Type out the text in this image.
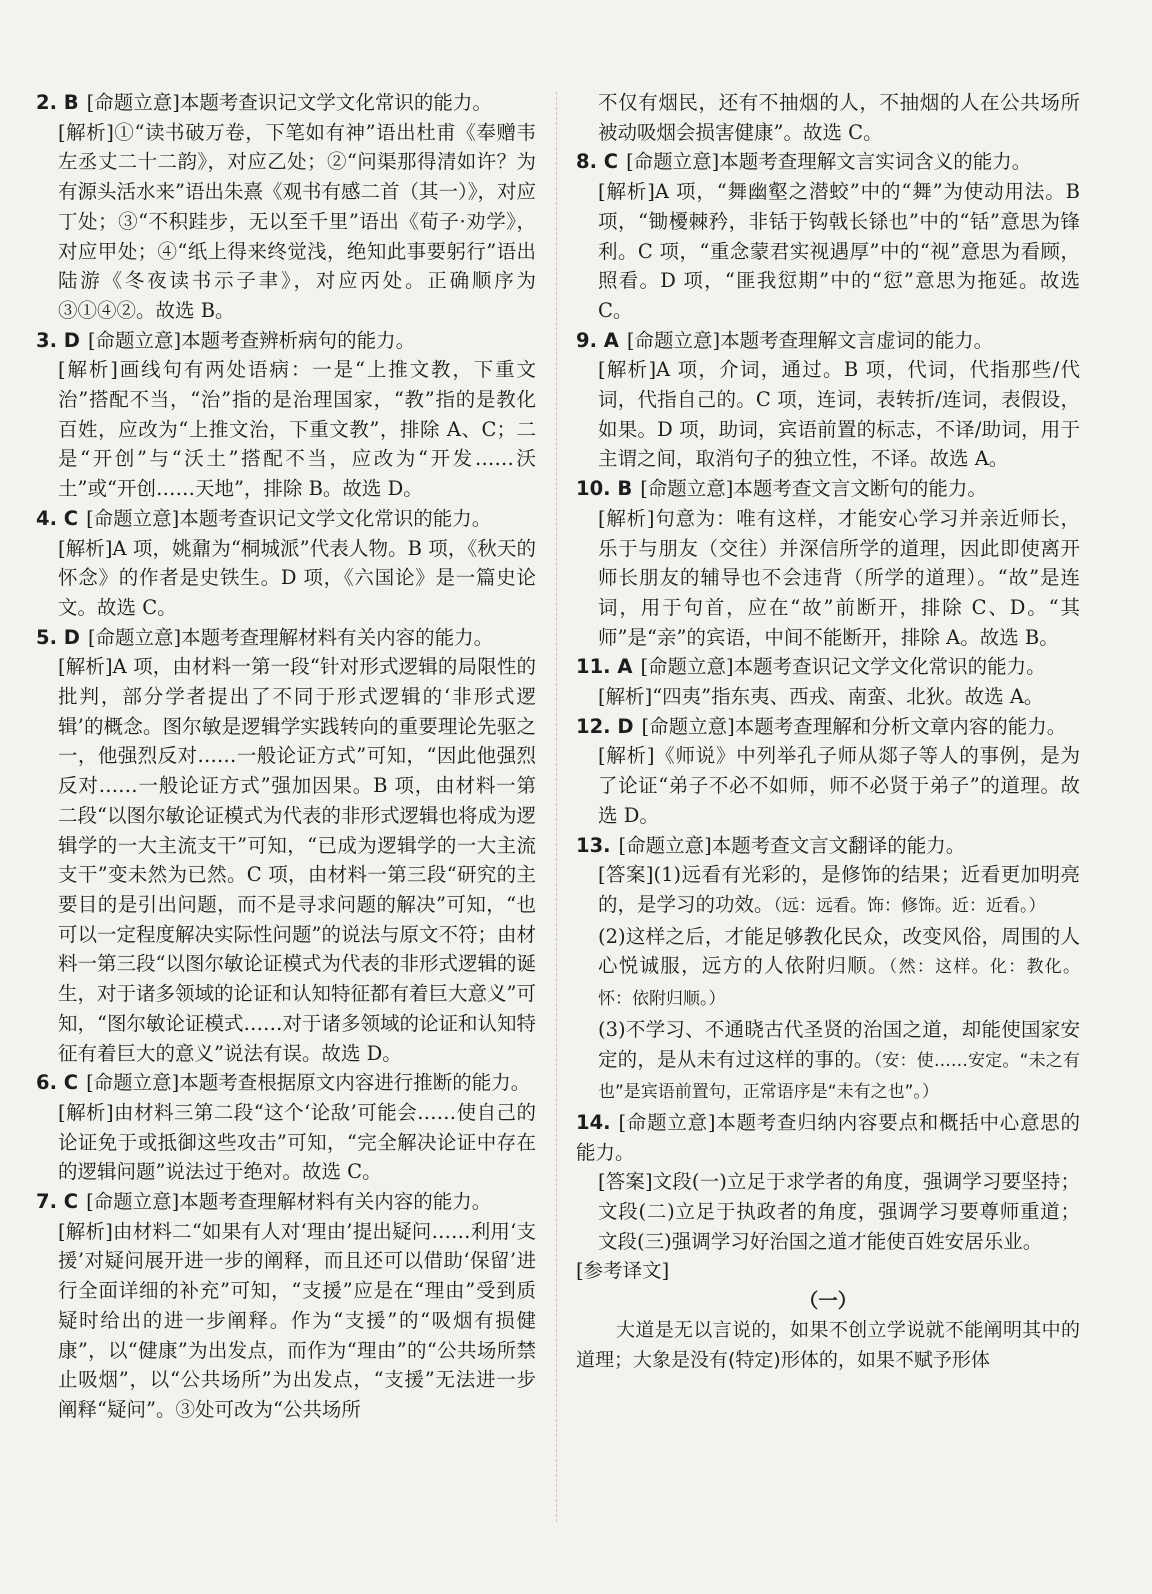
2. B [命题立意]本题考查识记文学文化常识的能力。

[解析]①“读书破万卷，下笔如有神”语出杜甫《奉赠韦左丞丈二十二韵》，对应乙处；②“问渠那得清如许？为有源头活水来”语出朱熹《观书有感二首（其一）》，对应丁处；③“不积跬步，无以至千里”语出《荀子·劝学》，对应甲处；④“纸上得来终觉浅，绝知此事要躬行”语出陆游《冬夜读书示子聿》，对应丙处。正确顺序为③①④②。故选 B。

3. D [命题立意]本题考查辨析病句的能力。

[解析]画线句有两处语病：一是“上推文教，下重文治”搭配不当，“治”指的是治理国家，“教”指的是教化百姓，应改为“上推文治，下重文教”，排除 A、C；二是“开创”与“沃土”搭配不当，应改为“开发……沃土”或“开创……天地”，排除 B。故选 D。

4. C [命题立意]本题考查识记文学文化常识的能力。

[解析]A 项，姚鼐为“桐城派”代表人物。B 项，《秋天的怀念》的作者是史铁生。D 项，《六国论》是一篇史论文。故选 C。

5. D [命题立意]本题考查理解材料有关内容的能力。

[解析]A 项，由材料一第一段“针对形式逻辑的局限性的批判，部分学者提出了不同于形式逻辑的‘非形式逻辑’的概念。图尔敏是逻辑学实践转向的重要理论先驱之一，他强烈反对……一般论证方式”可知，“因此他强烈反对……一般论证方式”强加因果。B 项，由材料一第二段“以图尔敏论证模式为代表的非形式逻辑也将成为逻辑学的一大主流支干”可知，“已成为逻辑学的一大主流支干”变未然为已然。C 项，由材料一第三段“研究的主要目的是引出问题，而不是寻求问题的解决”可知，“也可以一定程度解决实际性问题”的说法与原文不符；由材料一第三段“以图尔敏论证模式为代表的非形式逻辑的诞生，对于诸多领域的论证和认知特征都有着巨大意义”可知，“图尔敏论证模式……对于诸多领域的论证和认知特征有着巨大的意义”说法有误。故选 D。

6. C [命题立意]本题考查根据原文内容进行推断的能力。

[解析]由材料三第二段“这个‘论敌’可能会……使自己的论证免于或抵御这些攻击”可知，“完全解决论证中存在的逻辑问题”说法过于绝对。故选 C。

7. C [命题立意]本题考查理解材料有关内容的能力。

[解析]由材料二“如果有人对‘理由’提出疑问……利用‘支援’对疑问展开进一步的阐释，而且还可以借助‘保留’进行全面详细的补充”可知，“支援”应是在“理由”受到质疑时给出的进一步阐释。作为“支援”的“吸烟有损健康”，以“健康”为出发点，而作为“理由”的“公共场所禁止吸烟”，以“公共场所”为出发点，“支援”无法进一步阐释“疑问”。③处可改为“公共场所

不仅有烟民，还有不抽烟的人，不抽烟的人在公共场所被动吸烟会损害健康”。故选 C。

8. C [命题立意]本题考查理解文言实词含义的能力。

[解析]A 项，“舞幽壑之潜蛟”中的“舞”为使动用法。B 项，“锄櫌棘矜，非铦于钩戟长铩也”中的“铦”意思为锋利。C 项，“重念蒙君实视遇厚”中的“视”意思为看顾，照看。D 项，“匪我愆期”中的“愆”意思为拖延。故选 C。

9. A [命题立意]本题考查理解文言虚词的能力。

[解析]A 项，介词，通过。B 项，代词，代指那些/代词，代指自己的。C 项，连词，表转折/连词，表假设，如果。D 项，助词，宾语前置的标志，不译/助词，用于主谓之间，取消句子的独立性，不译。故选 A。

10. B [命题立意]本题考查文言文断句的能力。

[解析]句意为：唯有这样，才能安心学习并亲近师长，乐于与朋友（交往）并深信所学的道理，因此即使离开师长朋友的辅导也不会违背（所学的道理）。“故”是连词，用于句首，应在“故”前断开，排除 C、D。“其师”是“亲”的宾语，中间不能断开，排除 A。故选 B。

11. A [命题立意]本题考查识记文学文化常识的能力。

[解析]“四夷”指东夷、西戎、南蛮、北狄。故选 A。

12. D [命题立意]本题考查理解和分析文章内容的能力。

[解析]《师说》中列举孔子师从郯子等人的事例，是为了论证“弟子不必不如师，师不必贤于弟子”的道理。故选 D。

13. [命题立意]本题考查文言文翻译的能力。

[答案](1)远看有光彩的，是修饰的结果；近看更加明亮的，是学习的功效。（远：远看。饰：修饰。近：近看。）

(2)这样之后，才能足够教化民众，改变风俗，周围的人心悦诚服，远方的人依附归顺。（然：这样。化：教化。怀：依附归顺。）

(3)不学习、不通晓古代圣贤的治国之道，却能使国家安定的，是从未有过这样的事的。（安：使……安定。“未之有也”是宾语前置句，正常语序是“未有之也”。）

14. [命题立意]本题考查归纳内容要点和概括中心意思的能力。

[答案]文段(一)立足于求学者的角度，强调学习要坚持；文段(二)立足于执政者的角度，强调学习要尊师重道；文段(三)强调学习好治国之道才能使百姓安居乐业。

[参考译文]

（一）

大道是无以言说的，如果不创立学说就不能阐明其中的道理；大象是没有(特定)形体的，如果不赋予形体
